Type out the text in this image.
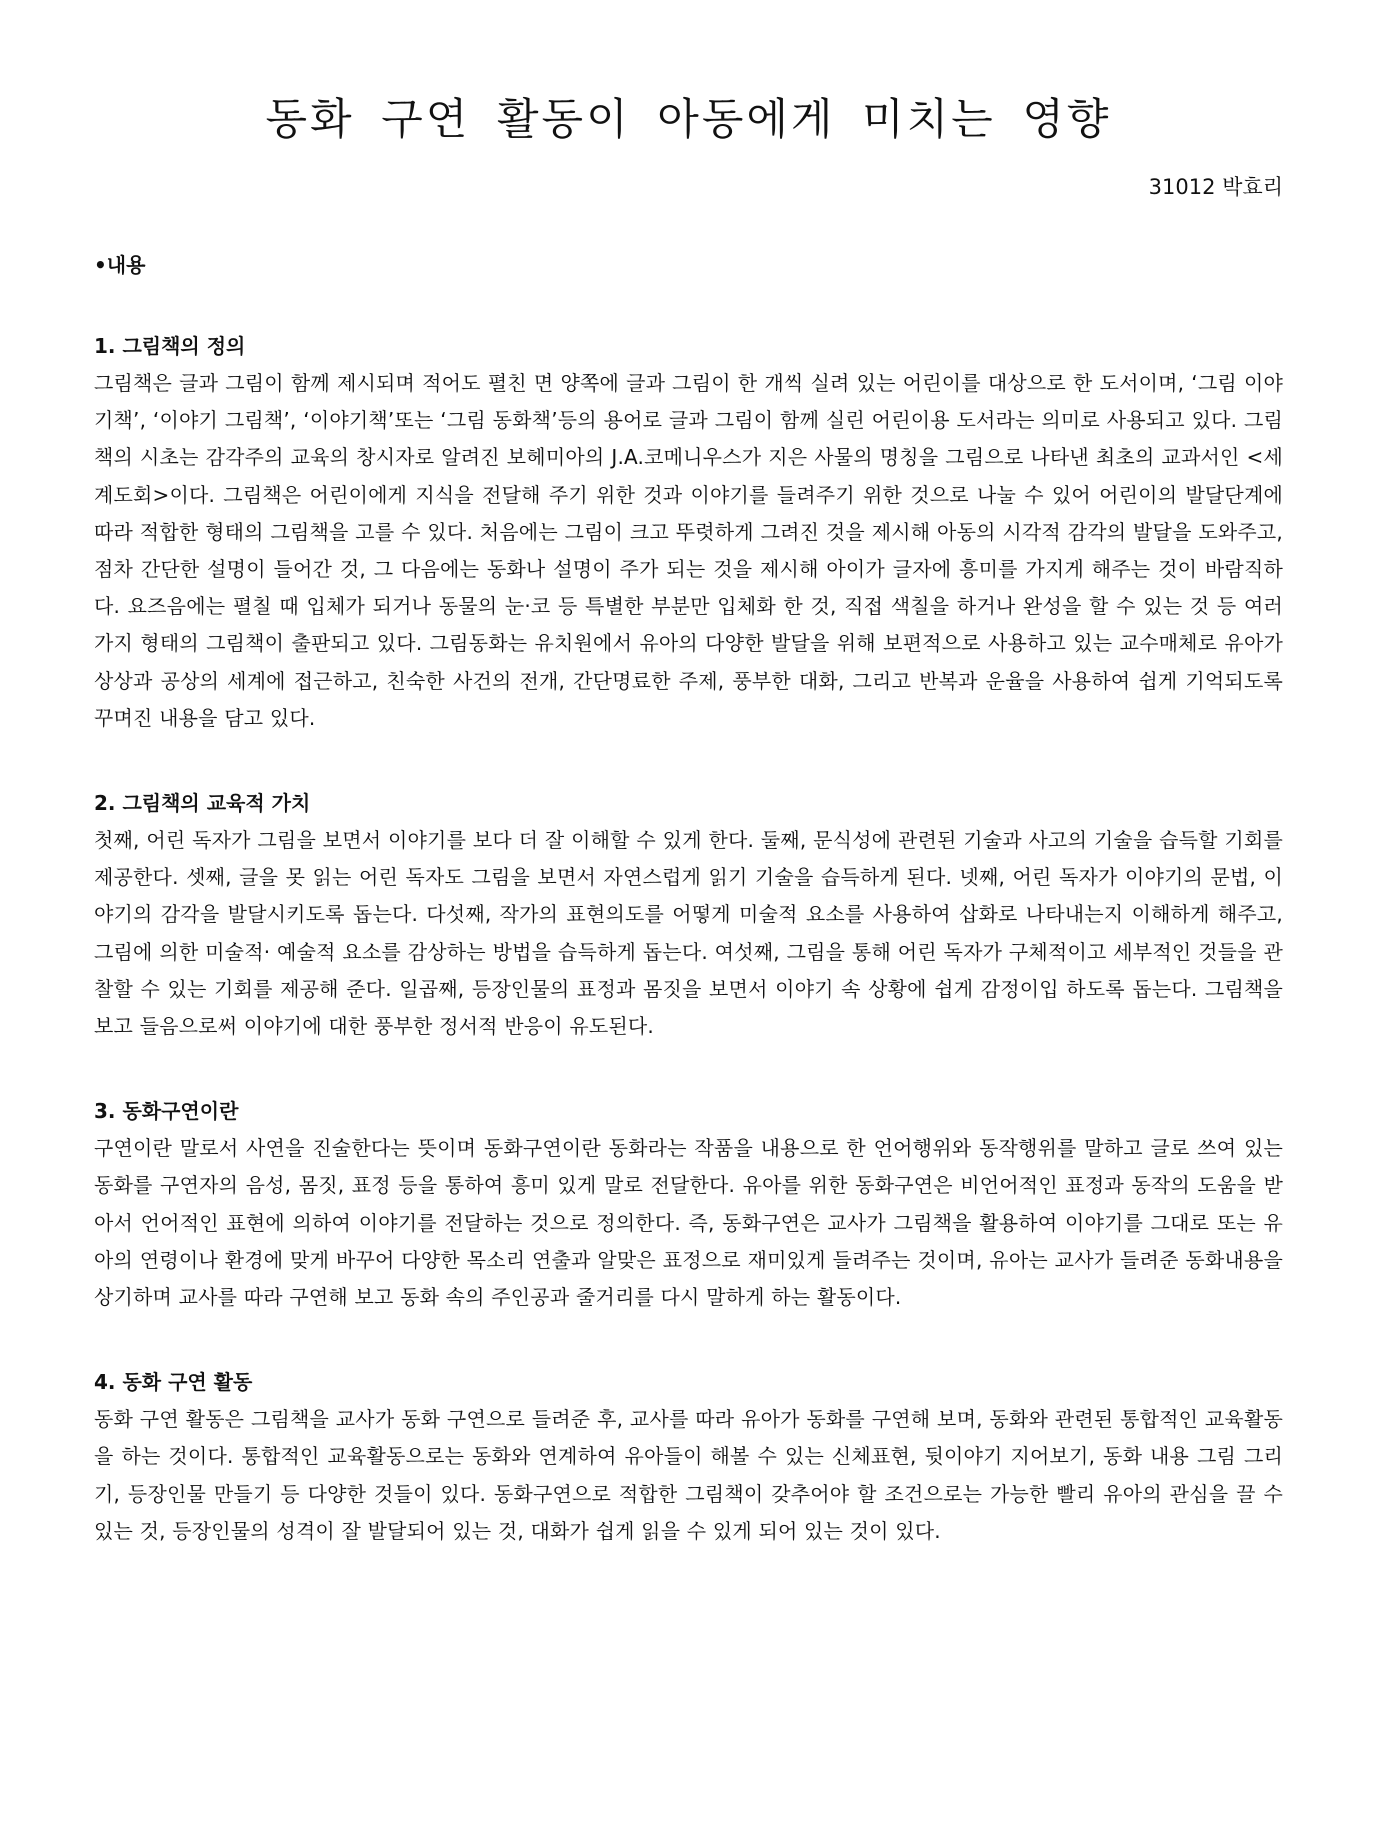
동화 구연 활동이 아동에게 미치는 영향
31012 박효리
•내용

1. 그림책의 정의

그림책은 글과 그림이 함께 제시되며 적어도 펼친 면 양쪽에 글과 그림이 한 개씩 실려 있는 어린이를 대상으로 한 도서이며, ‘그림 이야기책’, ‘이야기 그림책’, ‘이야기책’또는 ‘그림 동화책’등의 용어로 글과 그림이 함께 실린 어린이용 도서라는 의미로 사용되고 있다. 그림책의 시초는 감각주의 교육의 창시자로 알려진 보헤미아의 J.A.코메니우스가 지은 사물의 명칭을 그림으로 나타낸 최초의 교과서인 <세계도회>이다. 그림책은 어린이에게 지식을 전달해 주기 위한 것과 이야기를 들려주기 위한 것으로 나눌 수 있어 어린이의 발달단계에 따라 적합한 형태의 그림책을 고를 수 있다. 처음에는 그림이 크고 뚜렷하게 그려진 것을 제시해 아동의 시각적 감각의 발달을 도와주고, 점차 간단한 설명이 들어간 것, 그 다음에는 동화나 설명이 주가 되는 것을 제시해 아이가 글자에 흥미를 가지게 해주는 것이 바람직하다. 요즈음에는 펼칠 때 입체가 되거나 동물의 눈·코 등 특별한 부분만 입체화 한 것, 직접 색칠을 하거나 완성을 할 수 있는 것 등 여러 가지 형태의 그림책이 출판되고 있다. 그림동화는 유치원에서 유아의 다양한 발달을 위해 보편적으로 사용하고 있는 교수매체로 유아가 상상과 공상의 세계에 접근하고, 친숙한 사건의 전개, 간단명료한 주제, 풍부한 대화, 그리고 반복과 운율을 사용하여 쉽게 기억되도록 꾸며진 내용을 담고 있다.

2. 그림책의 교육적 가치

첫째, 어린 독자가 그림을 보면서 이야기를 보다 더 잘 이해할 수 있게 한다. 둘째, 문식성에 관련된 기술과 사고의 기술을 습득할 기회를 제공한다. 셋째, 글을 못 읽는 어린 독자도 그림을 보면서 자연스럽게 읽기 기술을 습득하게 된다. 넷째, 어린 독자가 이야기의 문법, 이야기의 감각을 발달시키도록 돕는다. 다섯째, 작가의 표현의도를 어떻게 미술적 요소를 사용하여 삽화로 나타내는지 이해하게 해주고, 그림에 의한 미술적· 예술적 요소를 감상하는 방법을 습득하게 돕는다. 여섯째, 그림을 통해 어린 독자가 구체적이고 세부적인 것들을 관찰할 수 있는 기회를 제공해 준다. 일곱째, 등장인물의 표정과 몸짓을 보면서 이야기 속 상황에 쉽게 감정이입 하도록 돕는다. 그림책을 보고 들음으로써 이야기에 대한 풍부한 정서적 반응이 유도된다.

3. 동화구연이란

구연이란 말로서 사연을 진술한다는 뜻이며 동화구연이란 동화라는 작품을 내용으로 한 언어행위와 동작행위를 말하고 글로 쓰여 있는 동화를 구연자의 음성, 몸짓, 표정 등을 통하여 흥미 있게 말로 전달한다. 유아를 위한 동화구연은 비언어적인 표정과 동작의 도움을 받아서 언어적인 표현에 의하여 이야기를 전달하는 것으로 정의한다. 즉, 동화구연은 교사가 그림책을 활용하여 이야기를 그대로 또는 유아의 연령이나 환경에 맞게 바꾸어 다양한 목소리 연출과 알맞은 표정으로 재미있게 들려주는 것이며, 유아는 교사가 들려준 동화내용을 상기하며 교사를 따라 구연해 보고 동화 속의 주인공과 줄거리를 다시 말하게 하는 활동이다.

4. 동화 구연 활동

동화 구연 활동은 그림책을 교사가 동화 구연으로 들려준 후, 교사를 따라 유아가 동화를 구연해 보며, 동화와 관련된 통합적인 교육활동을 하는 것이다. 통합적인 교육활동으로는 동화와 연계하여 유아들이 해볼 수 있는 신체표현, 뒷이야기 지어보기, 동화 내용 그림 그리기, 등장인물 만들기 등 다양한 것들이 있다. 동화구연으로 적합한 그림책이 갖추어야 할 조건으로는 가능한 빨리 유아의 관심을 끌 수 있는 것, 등장인물의 성격이 잘 발달되어 있는 것, 대화가 쉽게 읽을 수 있게 되어 있는 것이 있다.
